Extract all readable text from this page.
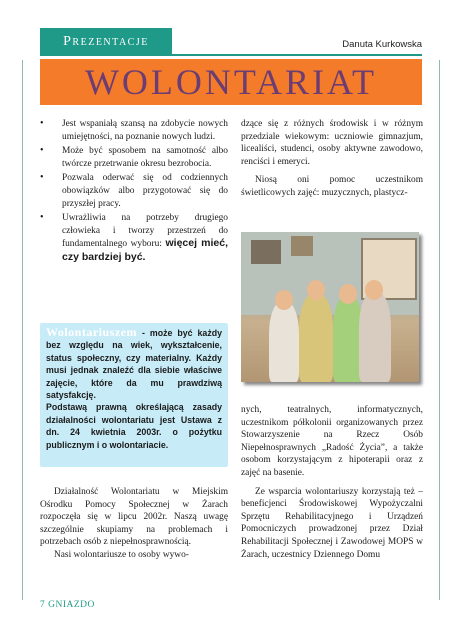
Prezentacje	Danuta Kurkowska
WOLONTARIAT
• Jest wspaniałą szansą na zdobycie nowych umiejętności, na poznanie nowych ludzi.
• Może być sposobem na samotność albo twórcze przetrwanie okresu bezrobocia.
• Pozwala oderwać się od codziennych obowiązków albo przygotować się do przyszłej pracy.
• Uwrażliwia na potrzeby drugiego człowieka i tworzy przestrzeń do fundamentalnego wyboru: więcej mieć, czy bardziej być.

Wolontariuszem - może być każdy bez względu na wiek, wykształcenie, status społeczny, czy materialny. Każdy musi jednak znaleźć dla siebie właściwe zajęcie, które da mu prawdziwą satysfakcję.

Podstawą prawną określającą zasady działalności wolontariatu jest Ustawa z dn. 24 kwietnia 2003r. o pożytku publicznym i o wolontariacie.

Działalność Wolontariatu w Miejskim Ośrodku Pomocy Społecznej w Żarach rozpoczęła się w lipcu 2002r. Naszą uwagę szczególnie skupiamy na problemach i potrzebach osób z niepełnosprawnością.

Nasi wolontariusze to osoby wywo-

dzące się z różnych środowisk i w różnym przedziale wiekowym: uczniowie gimnazjum, licealiści, studenci, osoby aktywne zawodowo, renciści i emeryci.

Niosą oni pomoc uczestnikom świetlicowych zajęć: muzycznych, plastycz-

nych, teatralnych, informatycznych, uczestnikom półkolonii organizowanych przez Stowarzyszenie na Rzecz Osób Niepełnosprawnych „Radość Życia”, a także osobom korzystającym z hipoterapii oraz z zajęć na basenie.

Ze wsparcia wolontariuszy korzystają też – beneficjenci Środowiskowej Wypożyczalni Sprzętu Rehabilitacyjnego i Urządzeń Pomocniczych prowadzonej przez Dział Rehabilitacji Społecznej i Zawodowej MOPS w Żarach, uczestnicy Dziennego Domu

7 GNIAZDO
